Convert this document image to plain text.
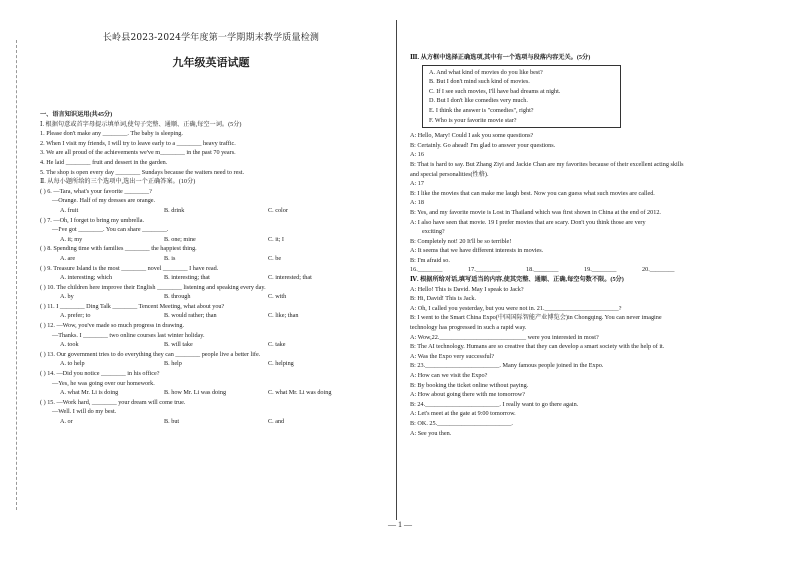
长岭县2023-2024学年度第一学期期末教学质量检测
九年级英语试题
一、语言知识运用(共45分)
Ⅰ. 根据句意或首字母提示填单词,使句子完整、通顺、正确,每空一词。(5分)
1. Please don't make any ________. The baby is sleeping.
2. When I visit my friends, I will try to leave early to a ________ heavy traffic.
3. We are all proud of the achievements we've m________ in the past 70 years.
4. He laid ________ fruit and dessert in the garden.
5. The shop is open every day ________ Sundays because the waiters need to rest.
Ⅱ. 从每小题所给的三个选项中,选出一个正确答案。(10分)
( ) 6. —Tara, what's your favorite ________?
—Orange. Half of my dresses are orange.
A. fruit	B. drink	C. color
( ) 7. —Oh, I forget to bring my umbrella.
—I've got ________. You can share ________.
A. it; my	B. one; mine	C. it; I
( ) 8. Spending time with families ________ the happiest thing.
A. are	B. is	C. be
( ) 9. Treasure Island is the most ________ novel ________ I have read.
A. interesting; which	B. interesting; that	C. interested; that
( ) 10. The children here improve their English ________ listening and speaking every day.
A. by	B. through	C. with
( ) 11. I ________ Ding Talk ________ Tencent Meeting, what about you?
A. prefer; to	B. would rather; than	C. like; than
( ) 12. —Wow, you've made so much progress in drawing.
—Thanks. I ________ two online courses last winter holiday.
A. took	B. will take	C. take
( ) 13. Our government tries to do everything they can ________ people live a better life.
A. to help	B. help	C. helping
( ) 14. —Did you notice ________ in his office?
—Yes, he was going over our homework.
A. what Mr. Li is doing	B. how Mr. Li was doing	C. what Mr. Li was doing
( ) 15. —Work hard, ________ your dream will come true.
—Well. I will do my best.
A. or	B. but	C. and
Ⅲ. 从方框中选择正确选项,其中有一个选项与段落内容无关。(5分)
A. And what kind of movies do you like best?
B. But I don't mind such kind of movies.
C. If I see such movies, I'll have bad dreams at night.
D. But I don't like comedies very much.
E. I think the answer is "comedies", right?
F. Who is your favorite movie star?
A: Hello, Mary! Could I ask you some questions?
B: Certainly. Go ahead! I'm glad to answer your questions.
A: 16
B: That is hard to say. But Zhang Ziyi and Jackie Chan are my favorites because of their excellent acting skills
and special personalities(性格).
A: 17
B: I like the movies that can make me laugh best. Now you can guess what such movies are called.
A: 18
B: Yes, and my favorite movie is Lost in Thailand which was first shown in China at the end of 2012.
A: I also have seen that movie. 19 I prefer movies that are scary. Don't you think those are very
exciting?
B: Completely not! 20 It'll be so terrible!
A: It seems that we have different interests in movies.
B: I'm afraid so.
16.________	17.________	18.________	19.________	20.________
Ⅳ. 根据所给对话,填写适当的内容,使其完整、通顺、正确,每空句数不限。(5分)
A: Hello! This is David. May I speak to Jack?
B: Hi, David! This is Jack.
A: Oh, I called you yesterday, but you were not in. 21.________________________?
B: I went to the Smart China Expo(中国国际智能产业博览会)in Chongqing. You can never imagine
technology has progressed in such a rapid way.
A: Wow,22.____________________________ were you interested in most?
B: The AI technology. Humans are so creative that they can develop a smart society with the help of it.
A: Was the Expo very successful?
B: 23.________________________. Many famous people joined in the Expo.
A: How can we visit the Expo?
B: By booking the ticket online without paying.
A: How about going there with me tomorrow?
B: 24.________________________. I really want to go there again.
A: Let's meet at the gate at 9:00 tomorrow.
B: OK. 25.________________________.
A: See you then.
— 1 —
